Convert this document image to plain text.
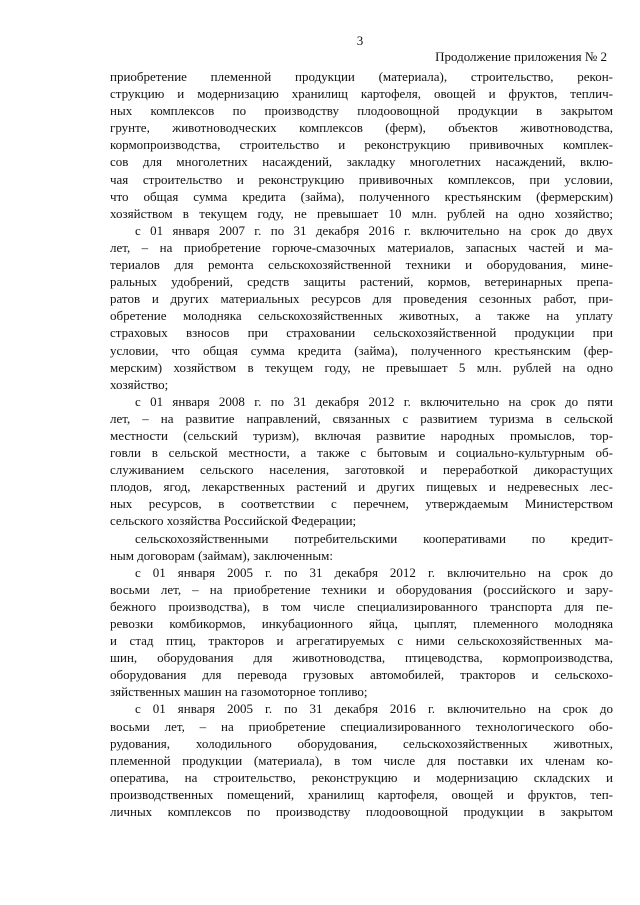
3
Продолжение приложения № 2
приобретение племенной продукции (материала), строительство, рекон-
струкцию и модернизацию хранилищ картофеля, овощей и фруктов, теплич-
ных комплексов по производству плодоовощной продукции в закрытом
грунте, животноводческих комплексов (ферм), объектов животноводства,
кормопроизводства, строительство и реконструкцию прививочных комплек-
сов для многолетних насаждений, закладку многолетних насаждений, вклю-
чая строительство и реконструкцию прививочных комплексов, при условии,
что общая сумма кредита (займа), полученного крестьянским (фермерским)
хозяйством в текущем году, не превышает 10 млн. рублей на одно хозяйство;
с 01 января 2007 г. по 31 декабря 2016 г. включительно на срок до двух
лет, – на приобретение горюче-смазочных материалов, запасных частей и ма-
териалов для ремонта сельскохозяйственной техники и оборудования, мине-
ральных удобрений, средств защиты растений, кормов, ветеринарных препа-
ратов и других материальных ресурсов для проведения сезонных работ, при-
обретение молодняка сельскохозяйственных животных, а также на уплату
страховых взносов при страховании сельскохозяйственной продукции при
условии, что общая сумма кредита (займа), полученного крестьянским (фер-
мерским) хозяйством в текущем году, не превышает 5 млн. рублей на одно
хозяйство;
с 01 января 2008 г. по 31 декабря 2012 г. включительно на срок до пяти
лет, – на развитие направлений, связанных с развитием туризма в сельской
местности (сельский туризм), включая развитие народных промыслов, тор-
говли в сельской местности, а также с бытовым и социально-культурным об-
служиванием сельского населения, заготовкой и переработкой дикорастущих
плодов, ягод, лекарственных растений и других пищевых и недревесных лес-
ных ресурсов, в соответствии с перечнем, утверждаемым Министерством
сельского хозяйства Российской Федерации;
сельскохозяйственными потребительскими кооперативами по кредит-
ным договорам (займам), заключенным:
с 01 января 2005 г. по 31 декабря 2012 г. включительно на срок до
восьми лет, – на приобретение техники и оборудования (российского и зару-
бежного производства), в том числе специализированного транспорта для пе-
ревозки комбикормов, инкубационного яйца, цыплят, племенного молодняка
и стад птиц, тракторов и агрегатируемых с ними сельскохозяйственных ма-
шин, оборудования для животноводства, птицеводства, кормопроизводства,
оборудования для перевода грузовых автомобилей, тракторов и сельскохо-
зяйственных машин на газомоторное топливо;
с 01 января 2005 г. по 31 декабря 2016 г. включительно на срок до
восьми лет, – на приобретение специализированного технологического обо-
рудования, холодильного оборудования, сельскохозяйственных животных,
племенной продукции (материала), в том числе для поставки их членам ко-
оператива, на строительство, реконструкцию и модернизацию складских и
производственных помещений, хранилищ картофеля, овощей и фруктов, теп-
личных комплексов по производству плодоовощной продукции в закрытом
